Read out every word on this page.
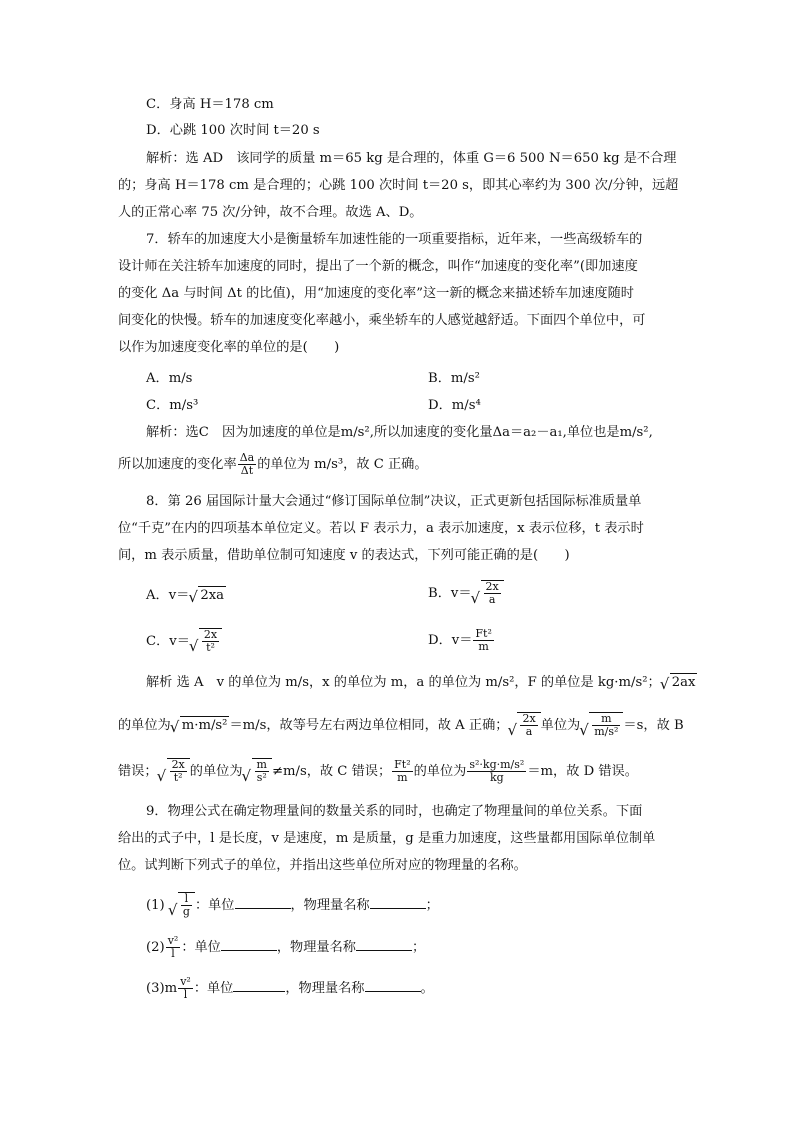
C．身高 H＝178 cm
D．心跳 100 次时间 t＝20 s
解析：选 AD　该同学的质量 m＝65 kg 是合理的，体重 G＝6 500 N＝650 kg 是不合理
的；身高 H＝178 cm 是合理的；心跳 100 次时间 t＝20 s，即其心率约为 300 次/分钟，远超
人的正常心率 75 次/分钟，故不合理。故选 A、D。
7．轿车的加速度大小是衡量轿车加速性能的一项重要指标，近年来，一些高级轿车的
设计师在关注轿车加速度的同时，提出了一个新的概念，叫作“加速度的变化率”(即加速度
的变化 Δa 与时间 Δt 的比值)，用“加速度的变化率”这一新的概念来描述轿车加速度随时
间变化的快慢。轿车的加速度变化率越小，乘坐轿车的人感觉越舒适。下面四个单位中，可
以作为加速度变化率的单位的是(　　)
A．m/s	B．m/s²
C．m/s³	D．m/s⁴
解析：选C　因为加速度的单位是m/s²,所以加速度的变化量Δa＝a₂－a₁,单位也是m/s²,
所以加速度的变化率 $\frac{\Delta a}{\Delta t}$ 的单位为 m/s³，故 C 正确。
8．第 26 届国际计量大会通过“修订国际单位制”决议，正式更新包括国际标准质量单
位“千克”在内的四项基本单位定义。若以 F 表示力，a 表示加速度，x 表示位移，t 表示时
间，m 表示质量，借助单位制可知速度 v 的表达式，下列可能正确的是(　　)
A．v＝ √ 2xa	B．v＝ √ $\frac{2x}{a}$
C．v＝ √ $\frac{2x}{\text{t²}}$	D．$v= \frac{\text{Ft²}}{m}$
解析 选 A　v 的单位为 m/s，x 的单位为 m，a 的单位为 m/s²，F 的单位是 kg·m/s²； √ 2ax
的单位为 √ m·m/s² ＝m/s，故等号左右两边单位相同，故 A 正确； √ $\frac{2x}{a}$ 单位为 √ $\frac{m}{\text{m/s²}} =s$，故 B
错误； √ $\frac{2x}{\text{t²}}$ 的单位为 √ $\frac{m}{\text{s²}} \ne m/s$，故 C 错误； $\frac{\text{Ft²}}{m}$ 的单位为 $\frac{\text{s²·kg·m/s²}}{kg} =m$，故 D 错误。
9．物理公式在确定物理量间的数量关系的同时，也确定了物理量间的单位关系。下面
给出的式子中，l 是长度，v 是速度，m 是质量，g 是重力加速度，这些量都用国际单位制单
位。试判断下列式子的单位，并指出这些单位所对应的物理量的名称。
(1) √ $\frac{l}{g}$ ：单位	，物理量名称	；
$(2) \frac{\text{v²}}{l}$ ：单位	，物理量名称	；
$(3)m \frac{\text{v²}}{l}$ ：单位	，物理量名称	。
